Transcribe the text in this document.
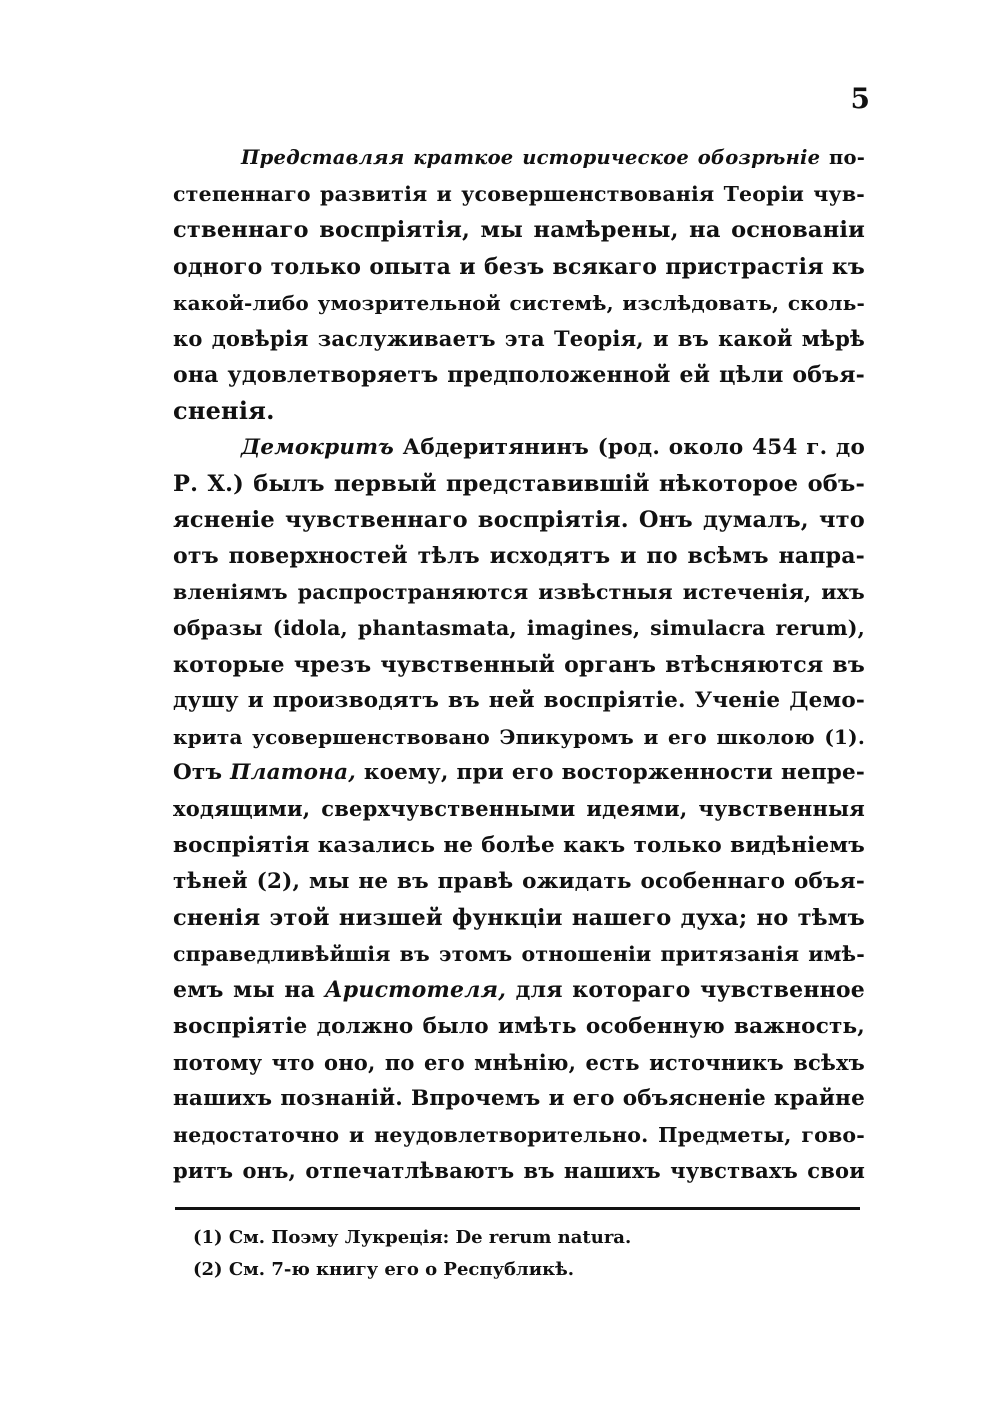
5
Представляя краткое историческое обозрѣніе по-
степеннаго развитія и усовершенствованія Теоріи чув-
ственнаго воспріятія, мы намѣрены, на основаніи
одного только опыта и безъ всякаго пристрастія къ
какой-либо умозрительной системѣ, изслѣдовать, сколь-
ко довѣрія заслуживаетъ эта Теорія, и въ какой мѣрѣ
она удовлетворяетъ предположенной ей цѣли объя-
сненія.
Демокритъ Абдеритянинъ (род. около 454 г. до
Р. Х.) былъ первый представившій нѣкоторое объ-
ясненіе чувственнаго воспріятія. Онъ думалъ, что
отъ поверхностей тѣлъ исходятъ и по всѣмъ напра-
вленіямъ распространяются извѣстныя истеченія, ихъ
образы (idola, phantasmata, imagines, simulacra rerum),
которые чрезъ чувственный органъ втѣсняются въ
душу и производятъ въ ней воспріятіе. Ученіе Демо-
крита усовершенствовано Эпикуромъ и его школою (1).
Отъ Платона, коему, при его восторженности непре-
ходящими, сверхчувственными идеями, чувственныя
воспріятія казались не болѣе какъ только видѣніемъ
тѣней (2), мы не въ правѣ ожидать особеннаго объя-
сненія этой низшей функціи нашего духа; но тѣмъ
справедливѣйшія въ этомъ отношеніи притязанія имѣ-
емъ мы на Аристотеля, для котораго чувственное
воспріятіе должно было имѣть особенную важность,
потому что оно, по его мнѣнію, есть источникъ всѣхъ
нашихъ познаній. Впрочемъ и его объясненіе крайне
недостаточно и неудовлетворительно. Предметы, гово-
ритъ онъ, отпечатлѣваютъ въ нашихъ чувствахъ свои
(1) См. Поэму Лукреція: De rerum natura.
(2) См. 7-ю книгу его о Республикѣ.
